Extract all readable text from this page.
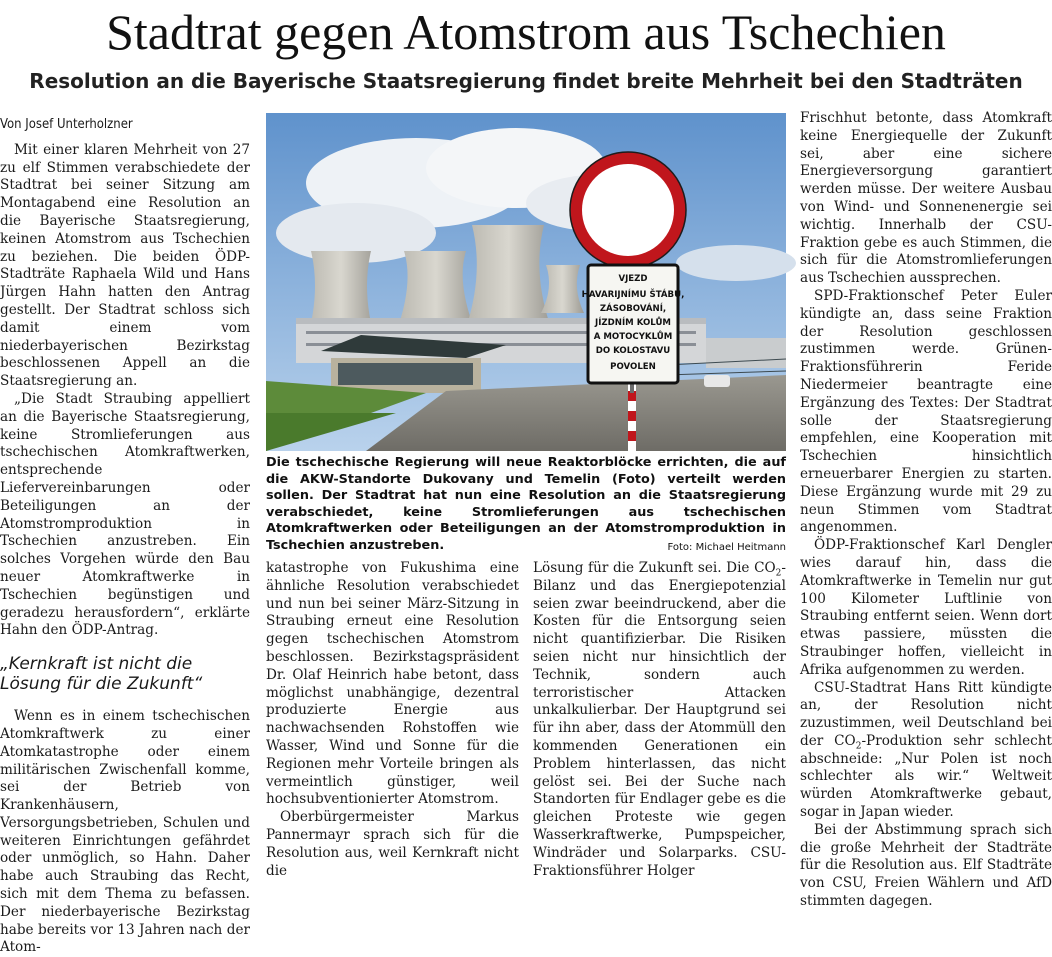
Stadtrat gegen Atomstrom aus Tschechien
Resolution an die Bayerische Staatsregierung findet breite Mehrheit bei den Stadträten

Von Josef Unterholzner

Mit einer klaren Mehrheit von 27 zu elf Stimmen verabschiedete der Stadtrat bei seiner Sitzung am Montagabend eine Resolution an die Bayerische Staatsregierung, keinen Atomstrom aus Tschechien zu beziehen. Die beiden ÖDP-Stadträte Raphaela Wild und Hans Jürgen Hahn hatten den Antrag gestellt. Der Stadtrat schloss sich damit einem vom niederbayerischen Bezirkstag beschlossenen Appell an die Staatsregierung an.

„Die Stadt Straubing appelliert an die Bayerische Staatsregierung, keine Stromlieferungen aus tschechischen Atomkraftwerken, entsprechende Liefervereinbarungen oder Beteiligungen an der Atomstromproduktion in Tschechien anzustreben. Ein solches Vorgehen würde den Bau neuer Atomkraftwerke in Tschechien begünstigen und geradezu herausfordern“, erklärte Hahn den ÖDP-Antrag.

„Kernkraft ist nicht die Lösung für die Zukunft“

Wenn es in einem tschechischen Atomkraftwerk zu einer Atomkatastrophe oder einem militärischen Zwischenfall komme, sei der Betrieb von Krankenhäusern, Versorgungsbetrieben, Schulen und weiteren Einrichtungen gefährdet oder unmöglich, so Hahn. Daher habe auch Straubing das Recht, sich mit dem Thema zu befassen. Der niederbayerische Bezirkstag habe bereits vor 13 Jahren nach der Atom-

VJEZD
HAVARIJNÍMU ŠTÁBU,
ZÁSOBOVÁNÍ,
JÍZDNÍM KOLŮM
A MOTOCYKLŮM
DO KOLOSTAVU
POVOLEN
Die tschechische Regierung will neue Reaktorblöcke errichten, die auf die AKW-Standorte Dukovany und Temelin (Foto) verteilt werden sollen. Der Stadtrat hat nun eine Resolution an die Staatsregierung verabschiedet, keine Stromlieferungen aus tschechischen Atomkraftwerken oder Beteiligungen an der Atomstromproduktion in Tschechien anzustreben.	Foto: Michael Heitmann

katastrophe von Fukushima eine ähnliche Resolution verabschiedet und nun bei seiner März-Sitzung in Straubing erneut eine Resolution gegen tschechischen Atomstrom beschlossen. Bezirkstagspräsident Dr. Olaf Heinrich habe betont, dass möglichst unabhängige, dezentral produzierte Energie aus nachwachsenden Rohstoffen wie Wasser, Wind und Sonne für die Regionen mehr Vorteile bringen als vermeintlich günstiger, weil hochsubventionierter Atomstrom.

Oberbürgermeister Markus Pannermayr sprach sich für die Resolution aus, weil Kernkraft nicht die

Lösung für die Zukunft sei. Die $CO_2$-Bilanz und das Energiepotenzial seien zwar beeindruckend, aber die Kosten für die Entsorgung seien nicht quantifizierbar. Die Risiken seien nicht nur hinsichtlich der Technik, sondern auch terroristischer Attacken unkalkulierbar. Der Hauptgrund sei für ihn aber, dass der Atommüll den kommenden Generationen ein Problem hinterlassen, das nicht gelöst sei. Bei der Suche nach Standorten für Endlager gebe es die gleichen Proteste wie gegen Wasserkraftwerke, Pumpspeicher, Windräder und Solarparks. CSU-Fraktionsführer Holger

Frischhut betonte, dass Atomkraft keine Energiequelle der Zukunft sei, aber eine sichere Energieversorgung garantiert werden müsse. Der weitere Ausbau von Wind- und Sonnenenergie sei wichtig. Innerhalb der CSU-Fraktion gebe es auch Stimmen, die sich für die Atomstromlieferungen aus Tschechien aussprechen.

SPD-Fraktionschef Peter Euler kündigte an, dass seine Fraktion der Resolution geschlossen zustimmen werde. Grünen-Fraktionsführerin Feride Niedermeier beantragte eine Ergänzung des Textes: Der Stadtrat solle der Staatsregierung empfehlen, eine Kooperation mit Tschechien hinsichtlich erneuerbarer Energien zu starten. Diese Ergänzung wurde mit 29 zu neun Stimmen vom Stadtrat angenommen.

ÖDP-Fraktionschef Karl Dengler wies darauf hin, dass die Atomkraftwerke in Temelin nur gut 100 Kilometer Luftlinie von Straubing entfernt seien. Wenn dort etwas passiere, müssten die Straubinger hoffen, vielleicht in Afrika aufgenommen zu werden.

CSU-Stadtrat Hans Ritt kündigte an, der Resolution nicht zuzustimmen, weil Deutschland bei der $CO_2$-Produktion sehr schlecht abschneide: „Nur Polen ist noch schlechter als wir.“ Weltweit würden Atomkraftwerke gebaut, sogar in Japan wieder.

Bei der Abstimmung sprach sich die große Mehrheit der Stadträte für die Resolution aus. Elf Stadträte von CSU, Freien Wählern und AfD stimmten dagegen.
